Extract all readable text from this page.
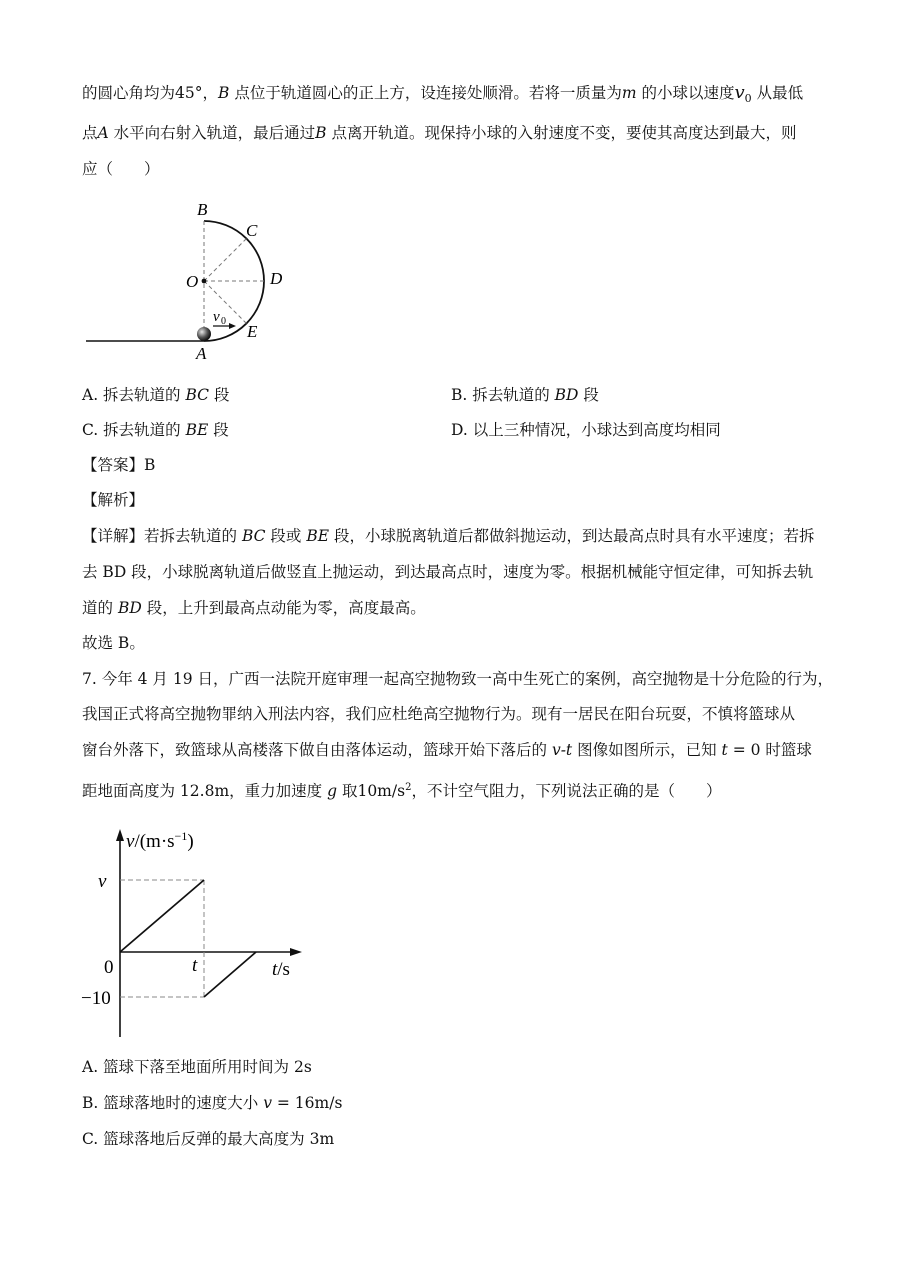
的圆心角均为45°，B 点位于轨道圆心的正上方，设连接处顺滑。若将一质量为m 的小球以速度$v_0$ 从最低
点A 水平向右射入轨道，最后通过B 点离开轨道。现保持小球的入射速度不变，要使其高度达到最大，则
应（　　）
B
C
O	D
E
A
v 0
A. 拆去轨道的 BC 段	B. 拆去轨道的 BD 段
C. 拆去轨道的 BE 段	D. 以上三种情况，小球达到高度均相同
【答案】B
【解析】
【详解】若拆去轨道的 BC 段或 BE 段，小球脱离轨道后都做斜抛运动，到达最高点时具有水平速度；若拆
去 BD 段，小球脱离轨道后做竖直上抛运动，到达最高点时，速度为零。根据机械能守恒定律，可知拆去轨
道的 BD 段，上升到最高点动能为零，高度最高。
故选 B。
7. 今年 4 月 19 日，广西一法院开庭审理一起高空抛物致一高中生死亡的案例，高空抛物是十分危险的行为，
我国正式将高空抛物罪纳入刑法内容，我们应杜绝高空抛物行为。现有一居民在阳台玩耍，不慎将篮球从
窗台外落下，致篮球从高楼落下做自由落体运动，篮球开始下落后的 v-t 图像如图所示，已知 t = 0 时篮球
距地面高度为 12.8m，重力加速度 g 取$10m/s^2$，不计空气阻力，下列说法正确的是（　　）
$v/(m\cdot s^{-1})$
v
0	t
−10
t/s
A. 篮球下落至地面所用时间为 2s
B. 篮球落地时的速度大小 v = 16m/s
C. 篮球落地后反弹的最大高度为 3m
